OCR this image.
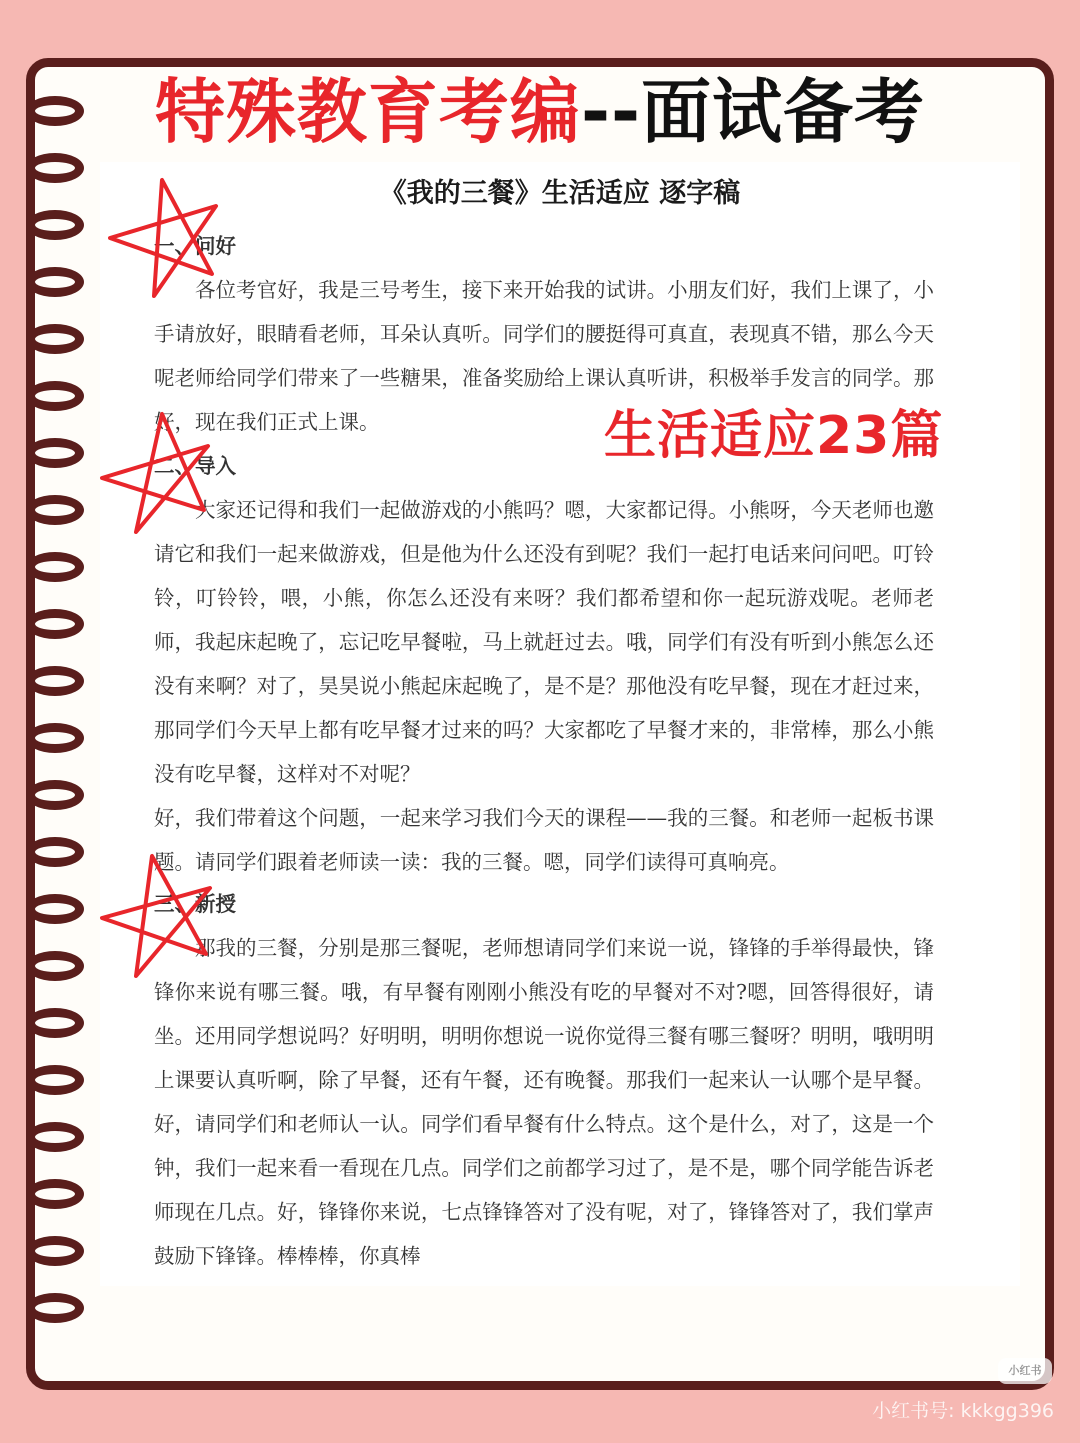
特殊教育考编--面试备考
《我的三餐》生活适应 逐字稿
一、问好

各位考官好，我是三号考生，接下来开始我的试讲。小朋友们好，我们上课了，小手请放好，眼睛看老师，耳朵认真听。同学们的腰挺得可真直，表现真不错，那么今天呢老师给同学们带来了一些糖果，准备奖励给上课认真听讲，积极举手发言的同学。那好，现在我们正式上课。

二、导入

大家还记得和我们一起做游戏的小熊吗？嗯，大家都记得。小熊呀，今天老师也邀请它和我们一起来做游戏，但是他为什么还没有到呢？我们一起打电话来问问吧。叮铃铃，叮铃铃，喂，小熊，你怎么还没有来呀？我们都希望和你一起玩游戏呢。老师老师，我起床起晚了，忘记吃早餐啦，马上就赶过去。哦，同学们有没有听到小熊怎么还没有来啊？对了，昊昊说小熊起床起晚了，是不是？那他没有吃早餐，现在才赶过来，那同学们今天早上都有吃早餐才过来的吗？大家都吃了早餐才来的，非常棒，那么小熊没有吃早餐，这样对不对呢？

好，我们带着这个问题，一起来学习我们今天的课程——我的三餐。和老师一起板书课题。请同学们跟着老师读一读：我的三餐。嗯，同学们读得可真响亮。

三、新授

那我的三餐，分别是那三餐呢，老师想请同学们来说一说，锋锋的手举得最快，锋锋你来说有哪三餐。哦，有早餐有刚刚小熊没有吃的早餐对不对?嗯，回答得很好，请坐。还用同学想说吗？好明明，明明你想说一说你觉得三餐有哪三餐呀？明明，哦明明上课要认真听啊，除了早餐，还有午餐，还有晚餐。那我们一起来认一认哪个是早餐。好，请同学们和老师认一认。同学们看早餐有什么特点。这个是什么，对了，这是一个钟，我们一起来看一看现在几点。同学们之前都学习过了，是不是，哪个同学能告诉老师现在几点。好，锋锋你来说，七点锋锋答对了没有呢，对了，锋锋答对了，我们掌声鼓励下锋锋。棒棒棒，你真棒

生活适应23篇
小红书
小红书号: kkkgg396
